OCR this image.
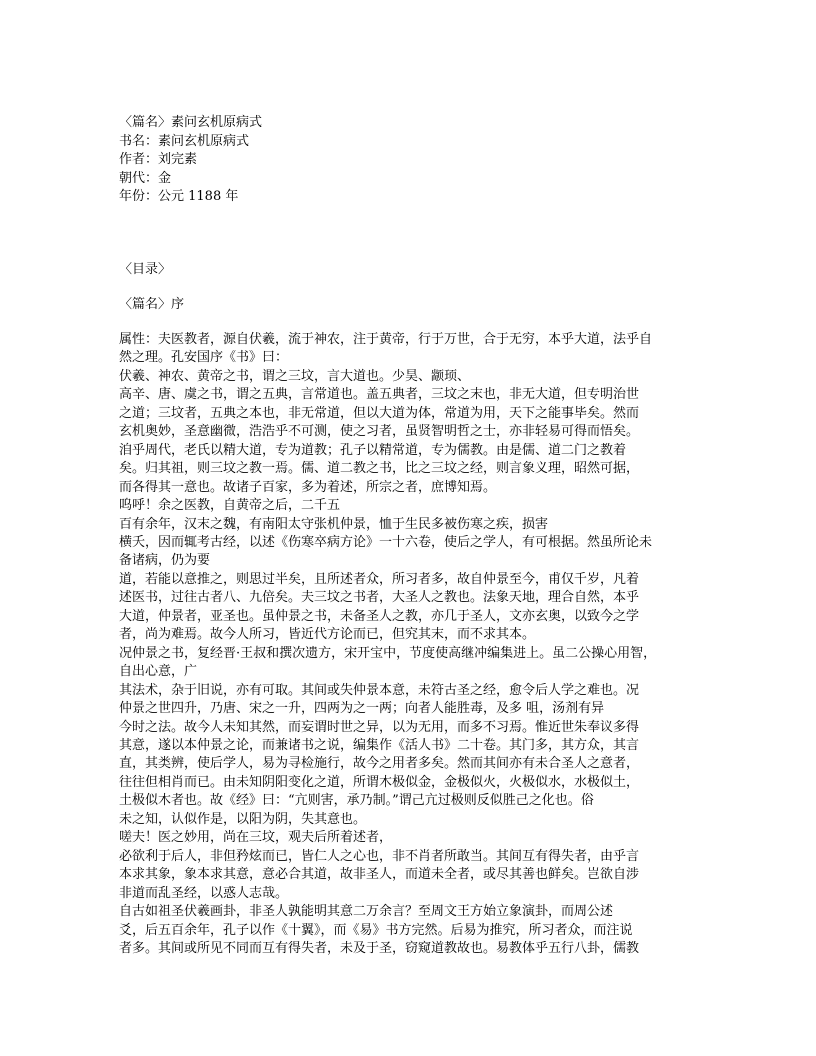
〈篇名〉素问玄机原病式
书名：素问玄机原病式
作者：刘完素
朝代：金
年份：公元 1188 年
〈目录〉
〈篇名〉序
属性：夫医教者，源自伏羲，流于神农，注于黄帝，行于万世，合于无穷，本乎大道，法乎自
然之理。孔安国序《书》曰：
伏羲、神农、黄帝之书，谓之三坟，言大道也。少昊、颛顼、
高辛、唐、虞之书，谓之五典，言常道也。盖五典者，三坟之末也，非无大道，但专明治世
之道；三坟者，五典之本也，非无常道，但以大道为体，常道为用，天下之能事毕矣。然而
玄机奥妙，圣意幽微，浩浩乎不可测，使之习者，虽贤智明哲之士，亦非轻易可得而悟矣。
洎乎周代，老氏以精大道，专为道教；孔子以精常道，专为儒教。由是儒、道二门之教着
矣。归其祖，则三坟之教一焉。儒、道二教之书，比之三坟之经，则言象义理，昭然可据，
而各得其一意也。故诸子百家，多为着述，所宗之者，庶博知焉。
呜呼！余之医教，自黄帝之后，二千五
百有余年，汉末之魏，有南阳太守张机仲景，恤于生民多被伤寒之疾，损害
横夭，因而辄考古经，以述《伤寒卒病方论》一十六卷，使后之学人，有可根据。然虽所论未
备诸病，仍为要
道，若能以意推之，则思过半矣，且所述者众，所习者多，故自仲景至今，甫仅千岁，凡着
述医书，过往古者八、九倍矣。夫三坟之书者，大圣人之教也。法象天地，理合自然，本乎
大道，仲景者，亚圣也。虽仲景之书，未备圣人之教，亦几于圣人，文亦玄奥，以致今之学
者，尚为难焉。故今人所习，皆近代方论而已，但究其末，而不求其本。
况仲景之书，复经晋·王叔和撰次遗方，宋开宝中，节度使高继冲编集进上。虽二公操心用智，
自出心意，广
其法术，杂于旧说，亦有可取。其间或失仲景本意，未符古圣之经，愈令后人学之难也。况
仲景之世四升，乃唐、宋之一升，四两为之一两；向者人能胜毒，及多 咀，汤剂有异
今时之法。故今人未知其然，而妄谓时世之异，以为无用，而多不习焉。惟近世朱奉议多得
其意，遂以本仲景之论，而兼诸书之说，编集作《活人书》二十卷。其门多，其方众，其言
直，其类辨，使后学人，易为寻检施行，故今之用者多矣。然而其间亦有未合圣人之意者，
往往但相肖而已。由未知阴阳变化之道，所谓木极似金，金极似火，火极似水，水极似土，
土极似木者也。故《经》曰：“亢则害，承乃制。”谓己亢过极则反似胜己之化也。俗
未之知，认似作是，以阳为阴，失其意也。
嗟夫！医之妙用，尚在三坟，观夫后所着述者，
必欲利于后人，非但矜炫而已，皆仁人之心也，非不肖者所敢当。其间互有得失者，由乎言
本求其象，象本求其意，意必合其道，故非圣人，而道未全者，或尽其善也鲜矣。岂欲自涉
非道而乱圣经，以惑人志哉。
自古如祖圣伏羲画卦，非圣人孰能明其意二万余言？至周文王方始立象演卦，而周公述
爻，后五百余年，孔子以作《十翼》，而《易》书方完然。后易为推究，所习者众，而注说
者多。其间或所见不同而互有得失者，未及于圣，窃窥道教故也。易教体乎五行八卦，儒教
